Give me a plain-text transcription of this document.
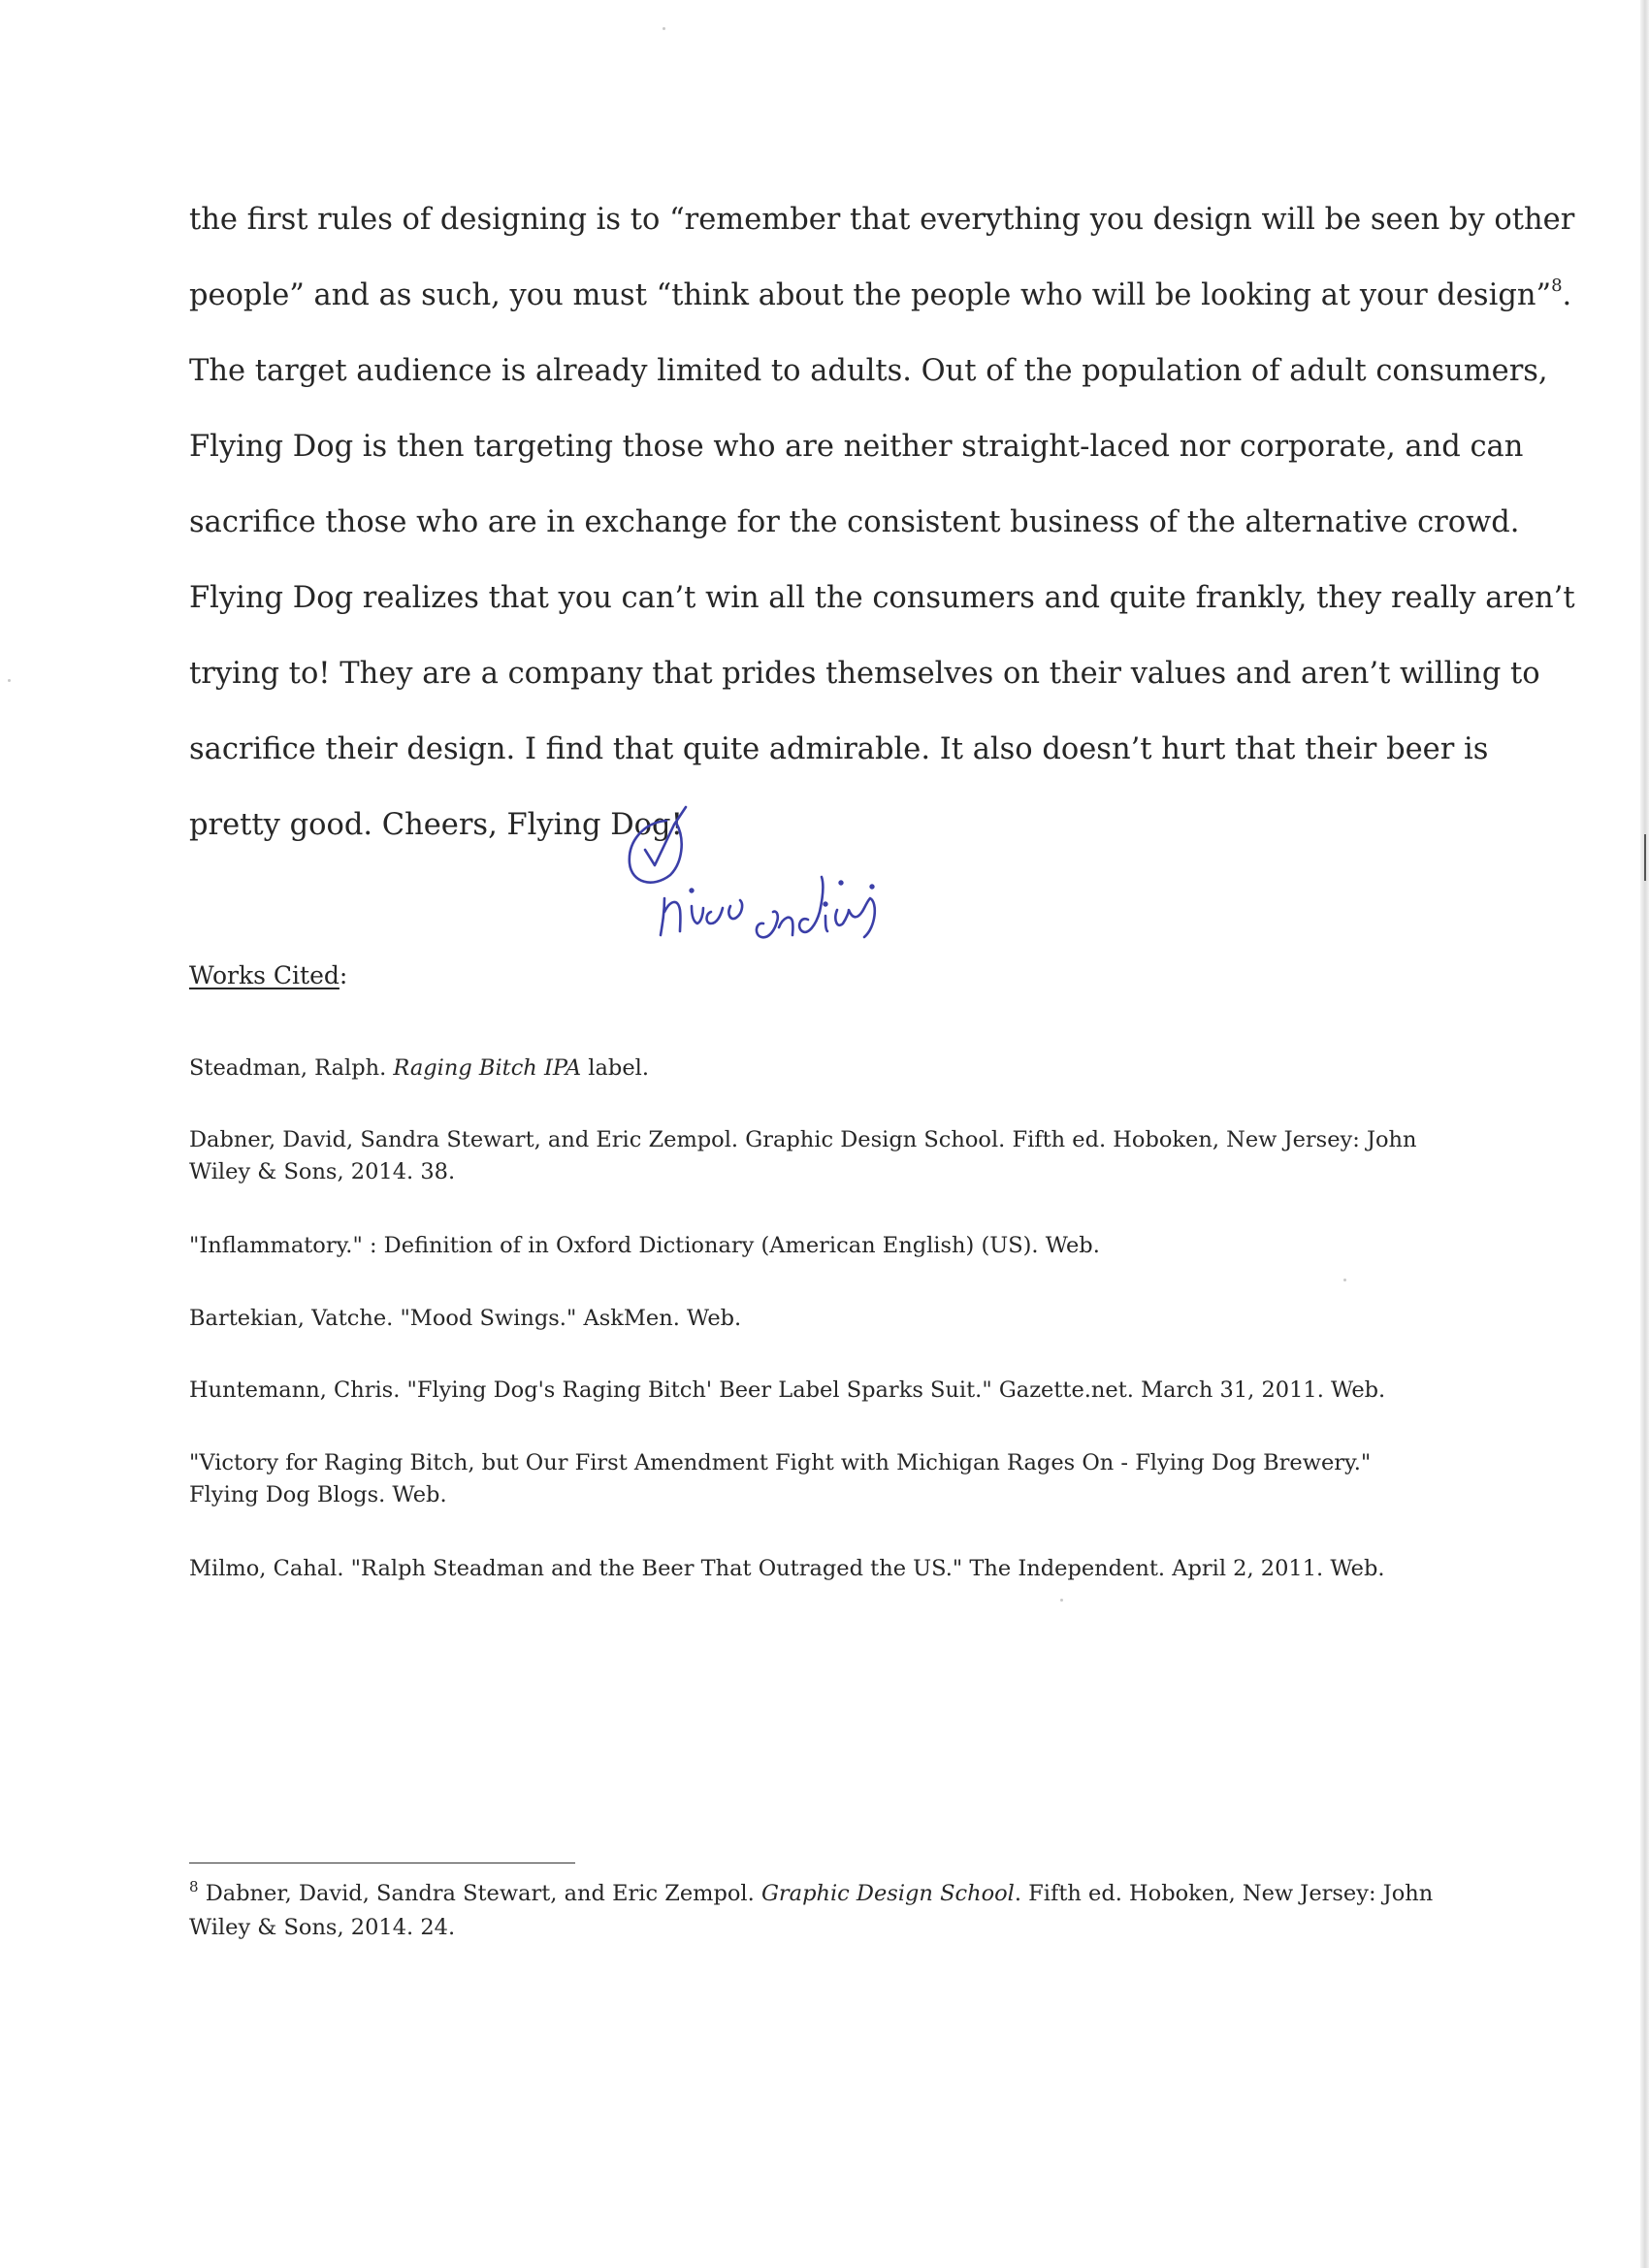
the first rules of designing is to “remember that everything you design will be seen by other
people” and as such, you must “think about the people who will be looking at your design”$^8$.
The target audience is already limited to adults. Out of the population of adult consumers,
Flying Dog is then targeting those who are neither straight-laced nor corporate, and can
sacrifice those who are in exchange for the consistent business of the alternative crowd.
Flying Dog realizes that you can’t win all the consumers and quite frankly, they really aren’t
trying to! They are a company that prides themselves on their values and aren’t willing to
sacrifice their design. I find that quite admirable. It also doesn’t hurt that their beer is
pretty good. Cheers, Flying Dog!
Works Cited:
Steadman, Ralph. Raging Bitch IPA label.
Dabner, David, Sandra Stewart, and Eric Zempol. Graphic Design School. Fifth ed. Hoboken, New Jersey: John
Wiley & Sons, 2014. 38.
"Inflammatory." : Definition of in Oxford Dictionary (American English) (US). Web.
Bartekian, Vatche. "Mood Swings." AskMen. Web.
Huntemann, Chris. "Flying Dog's Raging Bitch' Beer Label Sparks Suit." Gazette.net. March 31, 2011. Web.
"Victory for Raging Bitch, but Our First Amendment Fight with Michigan Rages On - Flying Dog Brewery."
Flying Dog Blogs. Web.
Milmo, Cahal. "Ralph Steadman and the Beer That Outraged the US." The Independent. April 2, 2011. Web.
$^8$ Dabner, David, Sandra Stewart, and Eric Zempol. Graphic Design School. Fifth ed. Hoboken, New Jersey: John
Wiley & Sons, 2014. 24.
